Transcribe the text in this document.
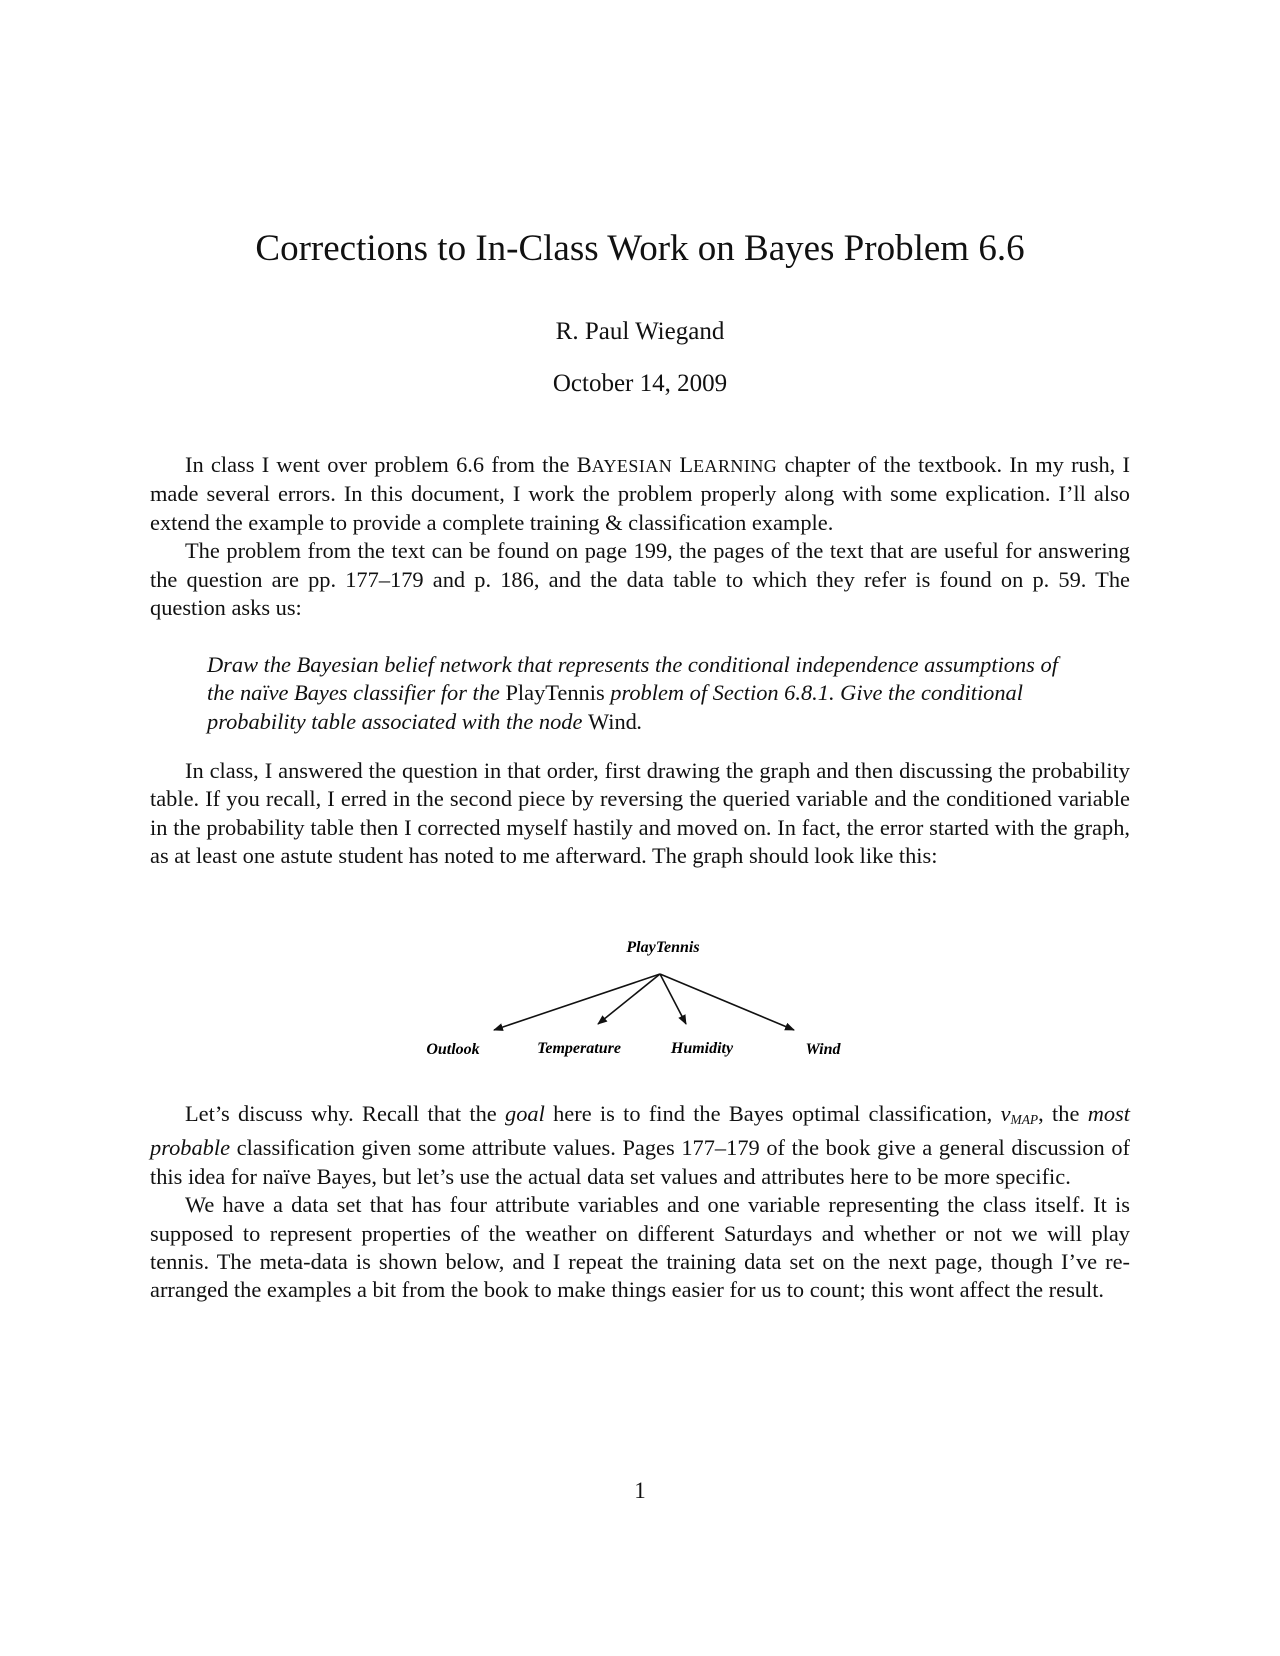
Corrections to In-Class Work on Bayes Problem 6.6
R. Paul Wiegand
October 14, 2009

In class I went over problem 6.6 from the BAYESIAN LEARNING chapter of the textbook. In my rush, I made several errors. In this document, I work the problem properly along with some explication. I’ll also extend the example to provide a complete training & classification example.
The problem from the text can be found on page 199, the pages of the text that are useful for answering the question are pp. 177–179 and p. 186, and the data table to which they refer is found on p. 59. The question asks us:

Draw the Bayesian belief network that represents the conditional independence assumptions of the naïve Bayes classifier for the PlayTennis problem of Section 6.8.1. Give the conditional probability table associated with the node Wind.

In class, I answered the question in that order, first drawing the graph and then discussing the probability table. If you recall, I erred in the second piece by reversing the queried variable and the conditioned variable in the probability table then I corrected myself hastily and moved on. In fact, the error started with the graph, as at least one astute student has noted to me afterward. The graph should look like this:

PlayTennis
Outlook	Temperature	Humidity	Wind

Let’s discuss why. Recall that the goal here is to find the Bayes optimal classification, $v_{MAP}$, the most probable classification given some attribute values. Pages 177–179 of the book give a general discussion of this idea for naïve Bayes, but let’s use the actual data set values and attributes here to be more specific.
We have a data set that has four attribute variables and one variable representing the class itself. It is supposed to represent properties of the weather on different Saturdays and whether or not we will play tennis. The meta-data is shown below, and I repeat the training data set on the next page, though I’ve re-arranged the examples a bit from the book to make things easier for us to count; this wont affect the result.

1
